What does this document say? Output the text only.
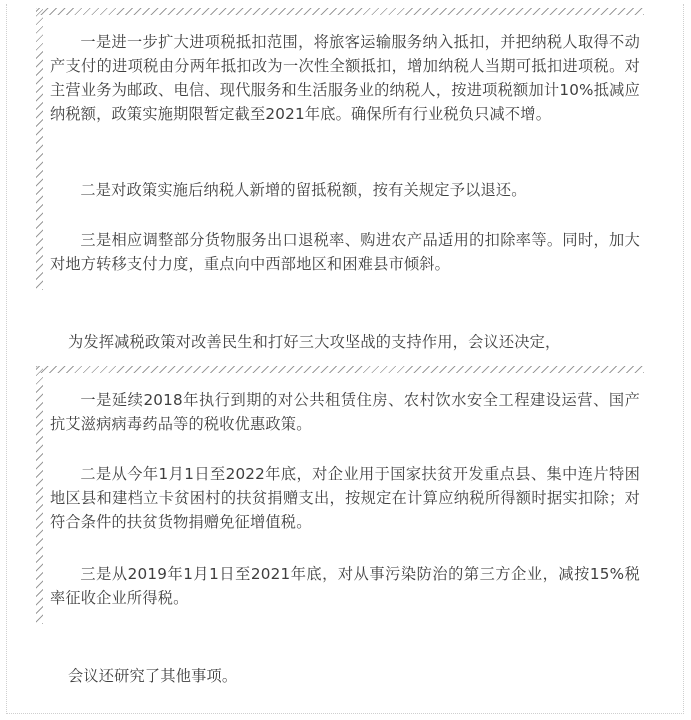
一是进一步扩大进项税抵扣范围，将旅客运输服务纳入抵扣，并把纳税人取得不动产支付的进项税由分两年抵扣改为一次性全额抵扣，增加纳税人当期可抵扣进项税。对主营业务为邮政、电信、现代服务和生活服务业的纳税人，按进项税额加计10%抵减应纳税额，政策实施期限暂定截至2021年底。确保所有行业税负只减不增。

二是对政策实施后纳税人新增的留抵税额，按有关规定予以退还。

三是相应调整部分货物服务出口退税率、购进农产品适用的扣除率等。同时，加大对地方转移支付力度，重点向中西部地区和困难县市倾斜。

为发挥减税政策对改善民生和打好三大攻坚战的支持作用，会议还决定，

一是延续2018年执行到期的对公共租赁住房、农村饮水安全工程建设运营、国产抗艾滋病病毒药品等的税收优惠政策。

二是从今年1月1日至2022年底，对企业用于国家扶贫开发重点县、集中连片特困地区县和建档立卡贫困村的扶贫捐赠支出，按规定在计算应纳税所得额时据实扣除；对符合条件的扶贫货物捐赠免征增值税。

三是从2019年1月1日至2021年底，对从事污染防治的第三方企业，减按15%税率征收企业所得税。

会议还研究了其他事项。
